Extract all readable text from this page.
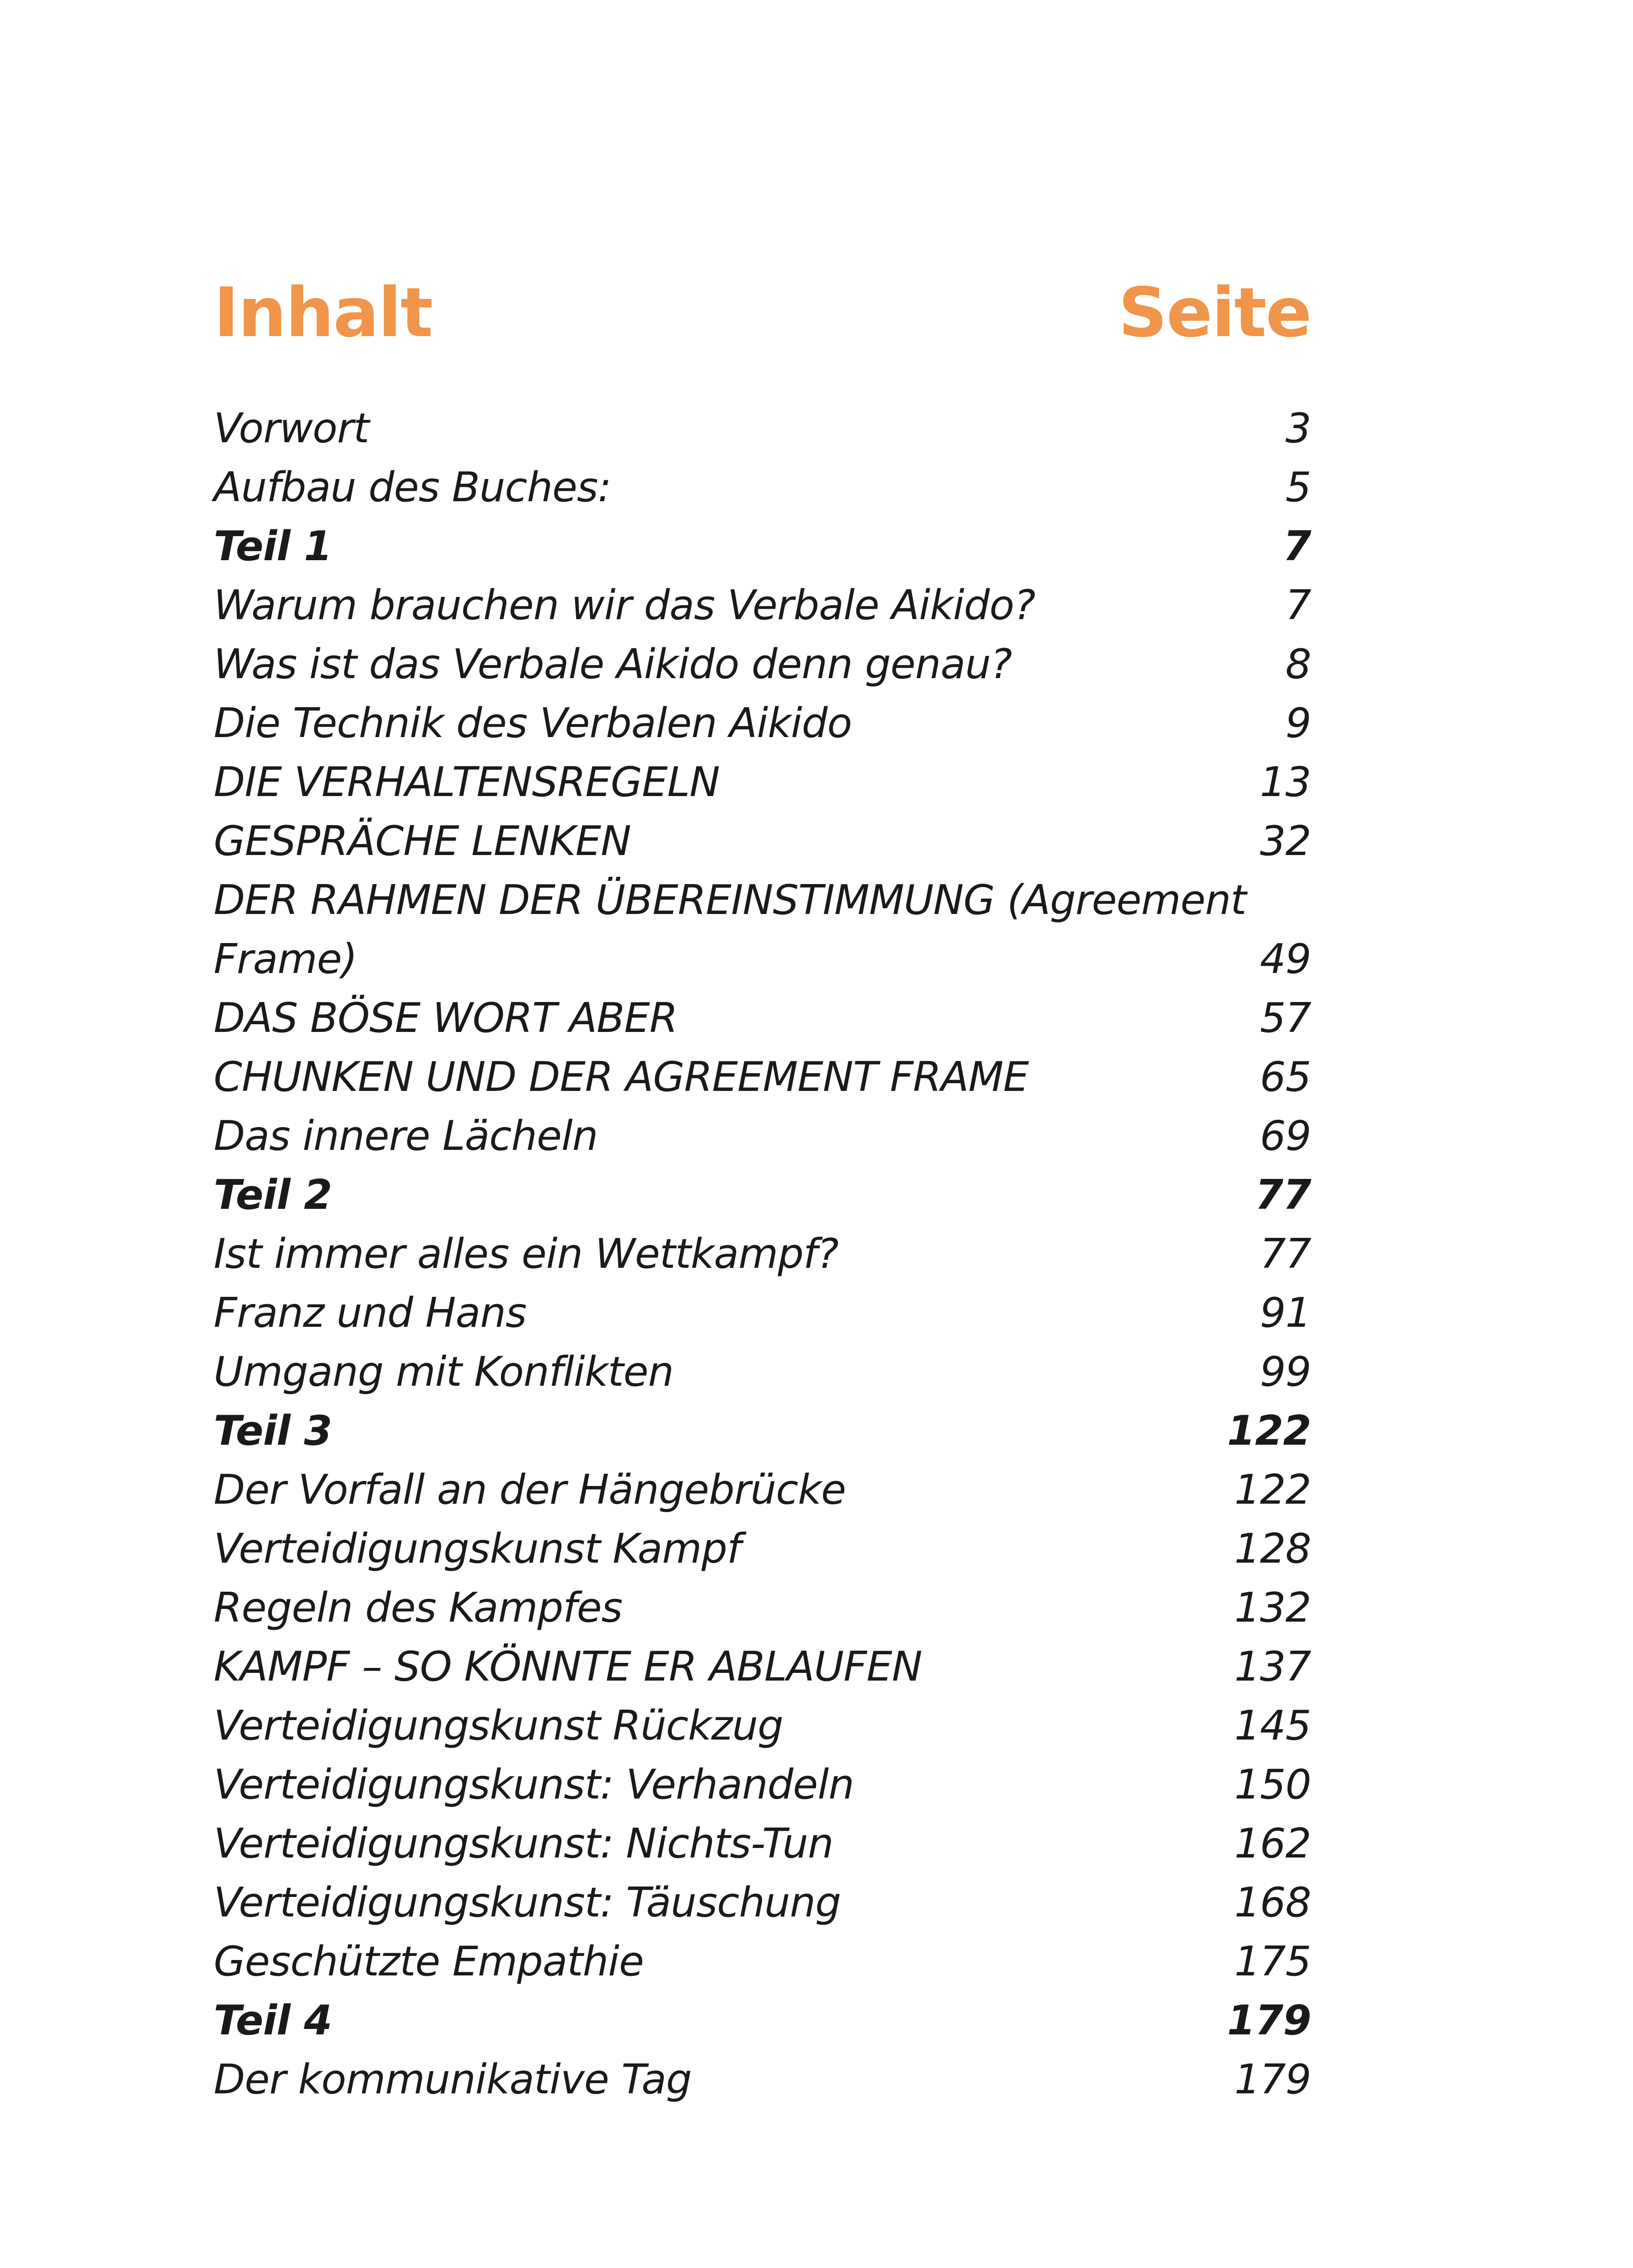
Inhalt	Seite
Vorwort	3
Aufbau des Buches:	5
Teil 1	7
Warum brauchen wir das Verbale Aikido?	7
Was ist das Verbale Aikido denn genau?	8
Die Technik des Verbalen Aikido	9
DIE VERHALTENSREGELN	13
GESPRÄCHE LENKEN	32
DER RAHMEN DER ÜBEREINSTIMMUNG (Agreement Frame)	49
DAS BÖSE WORT ABER	57
CHUNKEN UND DER AGREEMENT FRAME	65
Das innere Lächeln	69
Teil 2	77
Ist immer alles ein Wettkampf?	77
Franz und Hans	91
Umgang mit Konflikten	99
Teil 3	122
Der Vorfall an der Hängebrücke	122
Verteidigungskunst Kampf	128
Regeln des Kampfes	132
KAMPF – SO KÖNNTE ER ABLAUFEN	137
Verteidigungskunst Rückzug	145
Verteidigungskunst: Verhandeln	150
Verteidigungskunst: Nichts-Tun	162
Verteidigungskunst: Täuschung	168
Geschützte Empathie	175
Teil 4	179
Der kommunikative Tag	179
